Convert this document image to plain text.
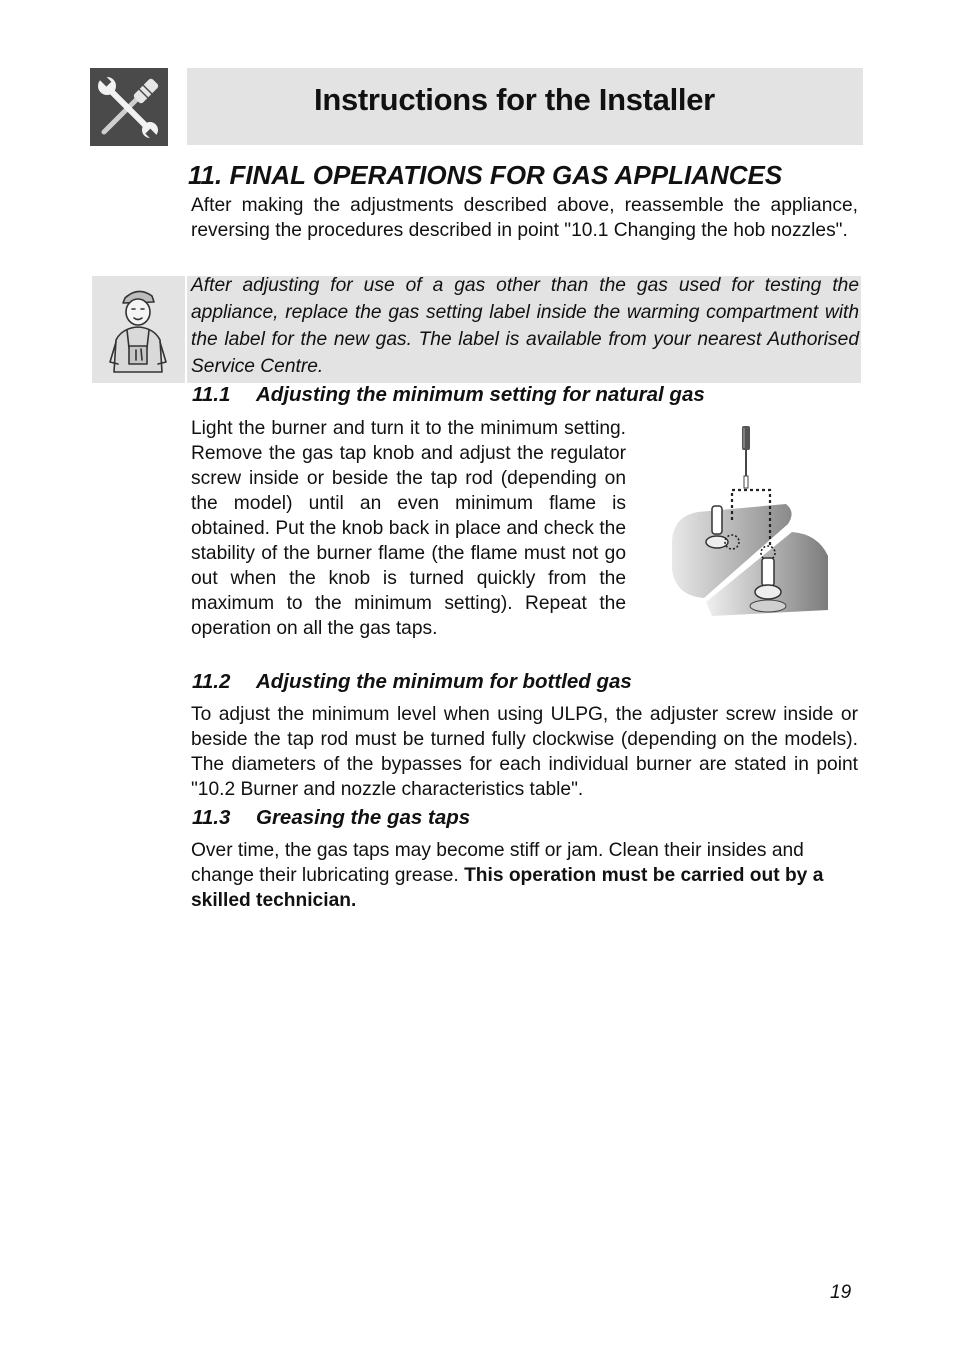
Instructions for the Installer
11. FINAL OPERATIONS FOR GAS APPLIANCES

After making the adjustments described above, reassemble the appliance, reversing the procedures described in point "10.1 Changing the hob nozzles".

After adjusting for use of a gas other than the gas used for testing the appliance, replace the gas setting label inside the warming compartment with the label for the new gas. The label is available from your nearest Authorised Service Centre.

11.1 Adjusting the minimum setting for natural gas

Light the burner and turn it to the minimum setting. Remove the gas tap knob and adjust the regulator screw inside or beside the tap rod (depending on the model) until an even minimum flame is obtained. Put the knob back in place and check the stability of the burner flame (the flame must not go out when the knob is turned quickly from the maximum to the minimum setting). Repeat the operation on all the gas taps.

11.2 Adjusting the minimum for bottled gas

To adjust the minimum level when using ULPG, the adjuster screw inside or beside the tap rod must be turned fully clockwise (depending on the models). The diameters of the bypasses for each individual burner are stated in point "10.2 Burner and nozzle characteristics table".

11.3 Greasing the gas taps

Over time, the gas taps may become stiff or jam. Clean their insides and change their lubricating grease. This operation must be carried out by a skilled technician.

19
